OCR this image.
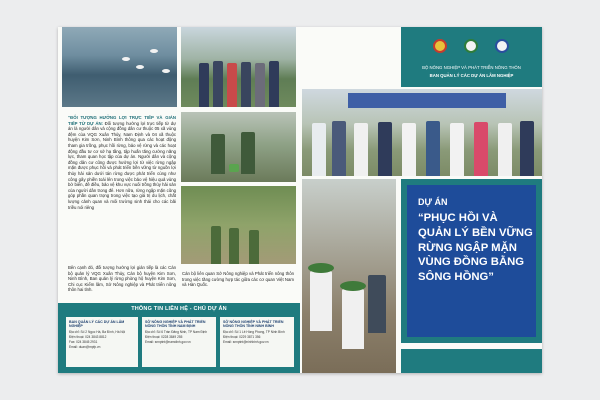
“ĐỐI TƯỢNG HƯỞNG LỢI TRỰC TIẾP VÀ GIÁN TIẾP TỪ DỰ ÁN: Đối tượng hưởng lợi trực tiếp từ dự án là người dân và cộng đồng dân cư thuộc 05 xã vùng đệm của VQG Xuân Thủy, Nam Định và 04 xã thuộc huyện Kim Sơn, Ninh Bình thông qua các hoạt động tham gia trồng, phục hồi rừng, bảo vệ rừng và các hoạt động đầu tư cơ sở hạ tầng, tập huấn tăng cường năng lực, tham quan học tập của dự án. Người dân và cộng đồng dân cư cũng được hưởng lợi từ việc rừng ngập mặn được phục hồi và phát triển bền vững từ nguồn lợi thủy hải sản dưới tán rừng được phát triển cùng như công gây phiền toái lên trong việc bảo vệ hiệu quả vùng bờ biển, đê điều, bảo vệ khu vực nuôi trồng thủy hải sản của người dân trong đê. Hơn nữa, rừng ngập mặn cũng góp phần quan trọng trong việc tạo giá trị du lịch, chất lượng cảnh quan và môi trường sinh thái cho các bãi triều nói riêng
Bên cạnh đó, đối tượng hưởng lợi gián tiếp là các Cán bộ quản lý VQG Xuân Thủy, Cán bộ huyện Kim Sơn, Ninh Bình, Ban quản lý rừng phòng hộ huyện Kim Sơn, Chi cục Kiểm lâm, Sở Nông nghiệp và Phát triển nông thôn hai tỉnh.
Cán bộ liên quan Sở Nông nghiệp và Phát triển nông thôn trong việc tăng cường hợp tác giữa các cơ quan Việt Nam và Hàn Quốc.
THÔNG TIN LIÊN HỆ - CHỦ DỰ ÁN
BAN QUẢN LÝ CÁC DỰ ÁN LÂM NGHIỆP
Địa chỉ: Số 2 Ngọc Hà, Ba Đình, Hà Nội
Điện thoại: 024 3843 8812
Fax: 024 3845 2931
Email: duan@mpfp.vn
SỞ NÔNG NGHIỆP VÀ PHÁT TRIỂN NÔNG THÔN TỈNH NAM ĐỊNH
Địa chỉ: Số 6 Trần Đăng Ninh, TP Nam Định
Điện thoại: 0228 3849 255
Email: snnptnt@namdinh.gov.vn
SỞ NÔNG NGHIỆP VÀ PHÁT TRIỂN NÔNG THÔN TỈNH NINH BÌNH
Địa chỉ: Số 1 Lê Hồng Phong, TP Ninh Bình
Điện thoại: 0229 3871 356
Email: snnptnt@ninhbinh.gov.vn
BỘ NÔNG NGHIỆP VÀ PHÁT TRIỂN NÔNG THÔN
BAN QUẢN LÝ CÁC DỰ ÁN LÂM NGHIỆP
DỰ ÁN
“PHỤC HỒI VÀ QUẢN LÝ BỀN VỮNG RỪNG NGẬP MẶN VÙNG ĐỒNG BẰNG SÔNG HỒNG”
